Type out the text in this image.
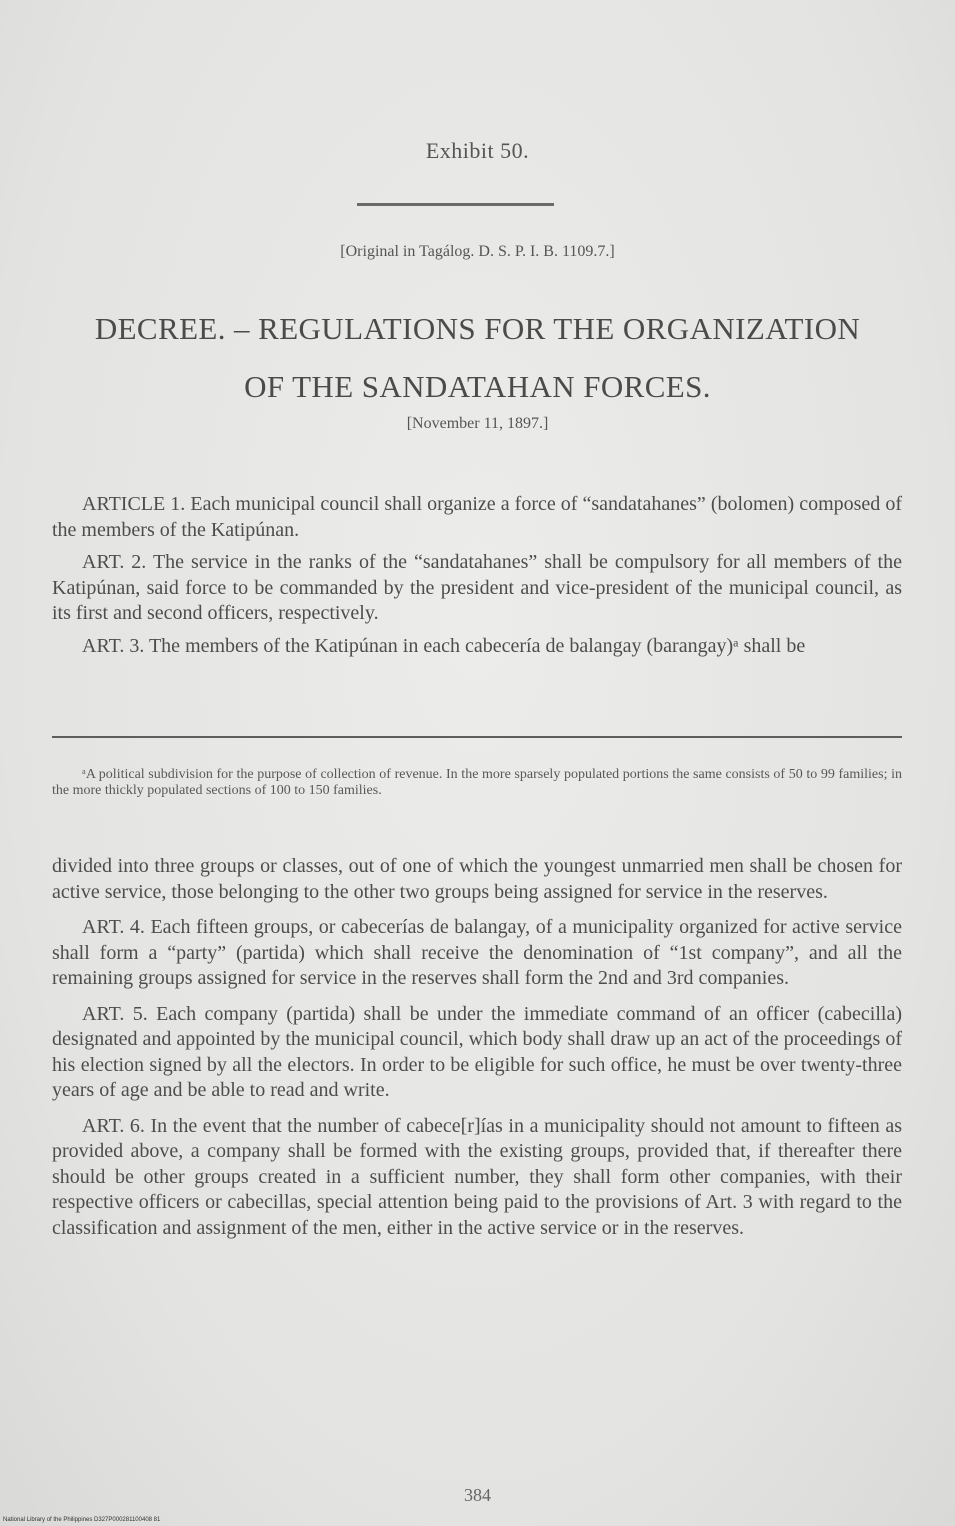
Exhibit 50.
[Original in Tagálog. D. S. P. I. B. 1109.7.]
DECREE. – REGULATIONS FOR THE ORGANIZATION
OF THE SANDATAHAN FORCES.
[November 11, 1897.]

ARTICLE 1. Each municipal council shall organize a force of “sandatahanes” (bolomen) composed of the members of the Katipúnan.

ART. 2. The service in the ranks of the “sandatahanes” shall be compulsory for all members of the Katipúnan, said force to be commanded by the president and vice-president of the municipal council, as its first and second officers, respectively.

ART. 3. The members of the Katipúnan in each cabecería de balangay (barangay)ᵃ shall be

ᵃA political subdivision for the purpose of collection of revenue. In the more sparsely populated portions the same consists of 50 to 99 families; in the more thickly populated sections of 100 to 150 families.

divided into three groups or classes, out of one of which the youngest unmarried men shall be chosen for active service, those belonging to the other two groups being assigned for service in the reserves.

ART. 4. Each fifteen groups, or cabecerías de balangay, of a municipality organized for active service shall form a “party” (partida) which shall receive the denomination of “1st company”, and all the remaining groups assigned for service in the reserves shall form the 2nd and 3rd companies.

ART. 5. Each company (partida) shall be under the immediate command of an officer (cabecilla) designated and appointed by the municipal council, which body shall draw up an act of the proceedings of his election signed by all the electors. In order to be eligible for such office, he must be over twenty-three years of age and be able to read and write.

ART. 6. In the event that the number of cabece[r]ías in a municipality should not amount to fifteen as provided above, a company shall be formed with the existing groups, provided that, if thereafter there should be other groups created in a sufficient number, they shall form other companies, with their respective officers or cabecillas, special attention being paid to the provisions of Art. 3 with regard to the classification and assignment of the men, either in the active service or in the reserves.

384
National Library of the Philippines D327P000281100408 81
